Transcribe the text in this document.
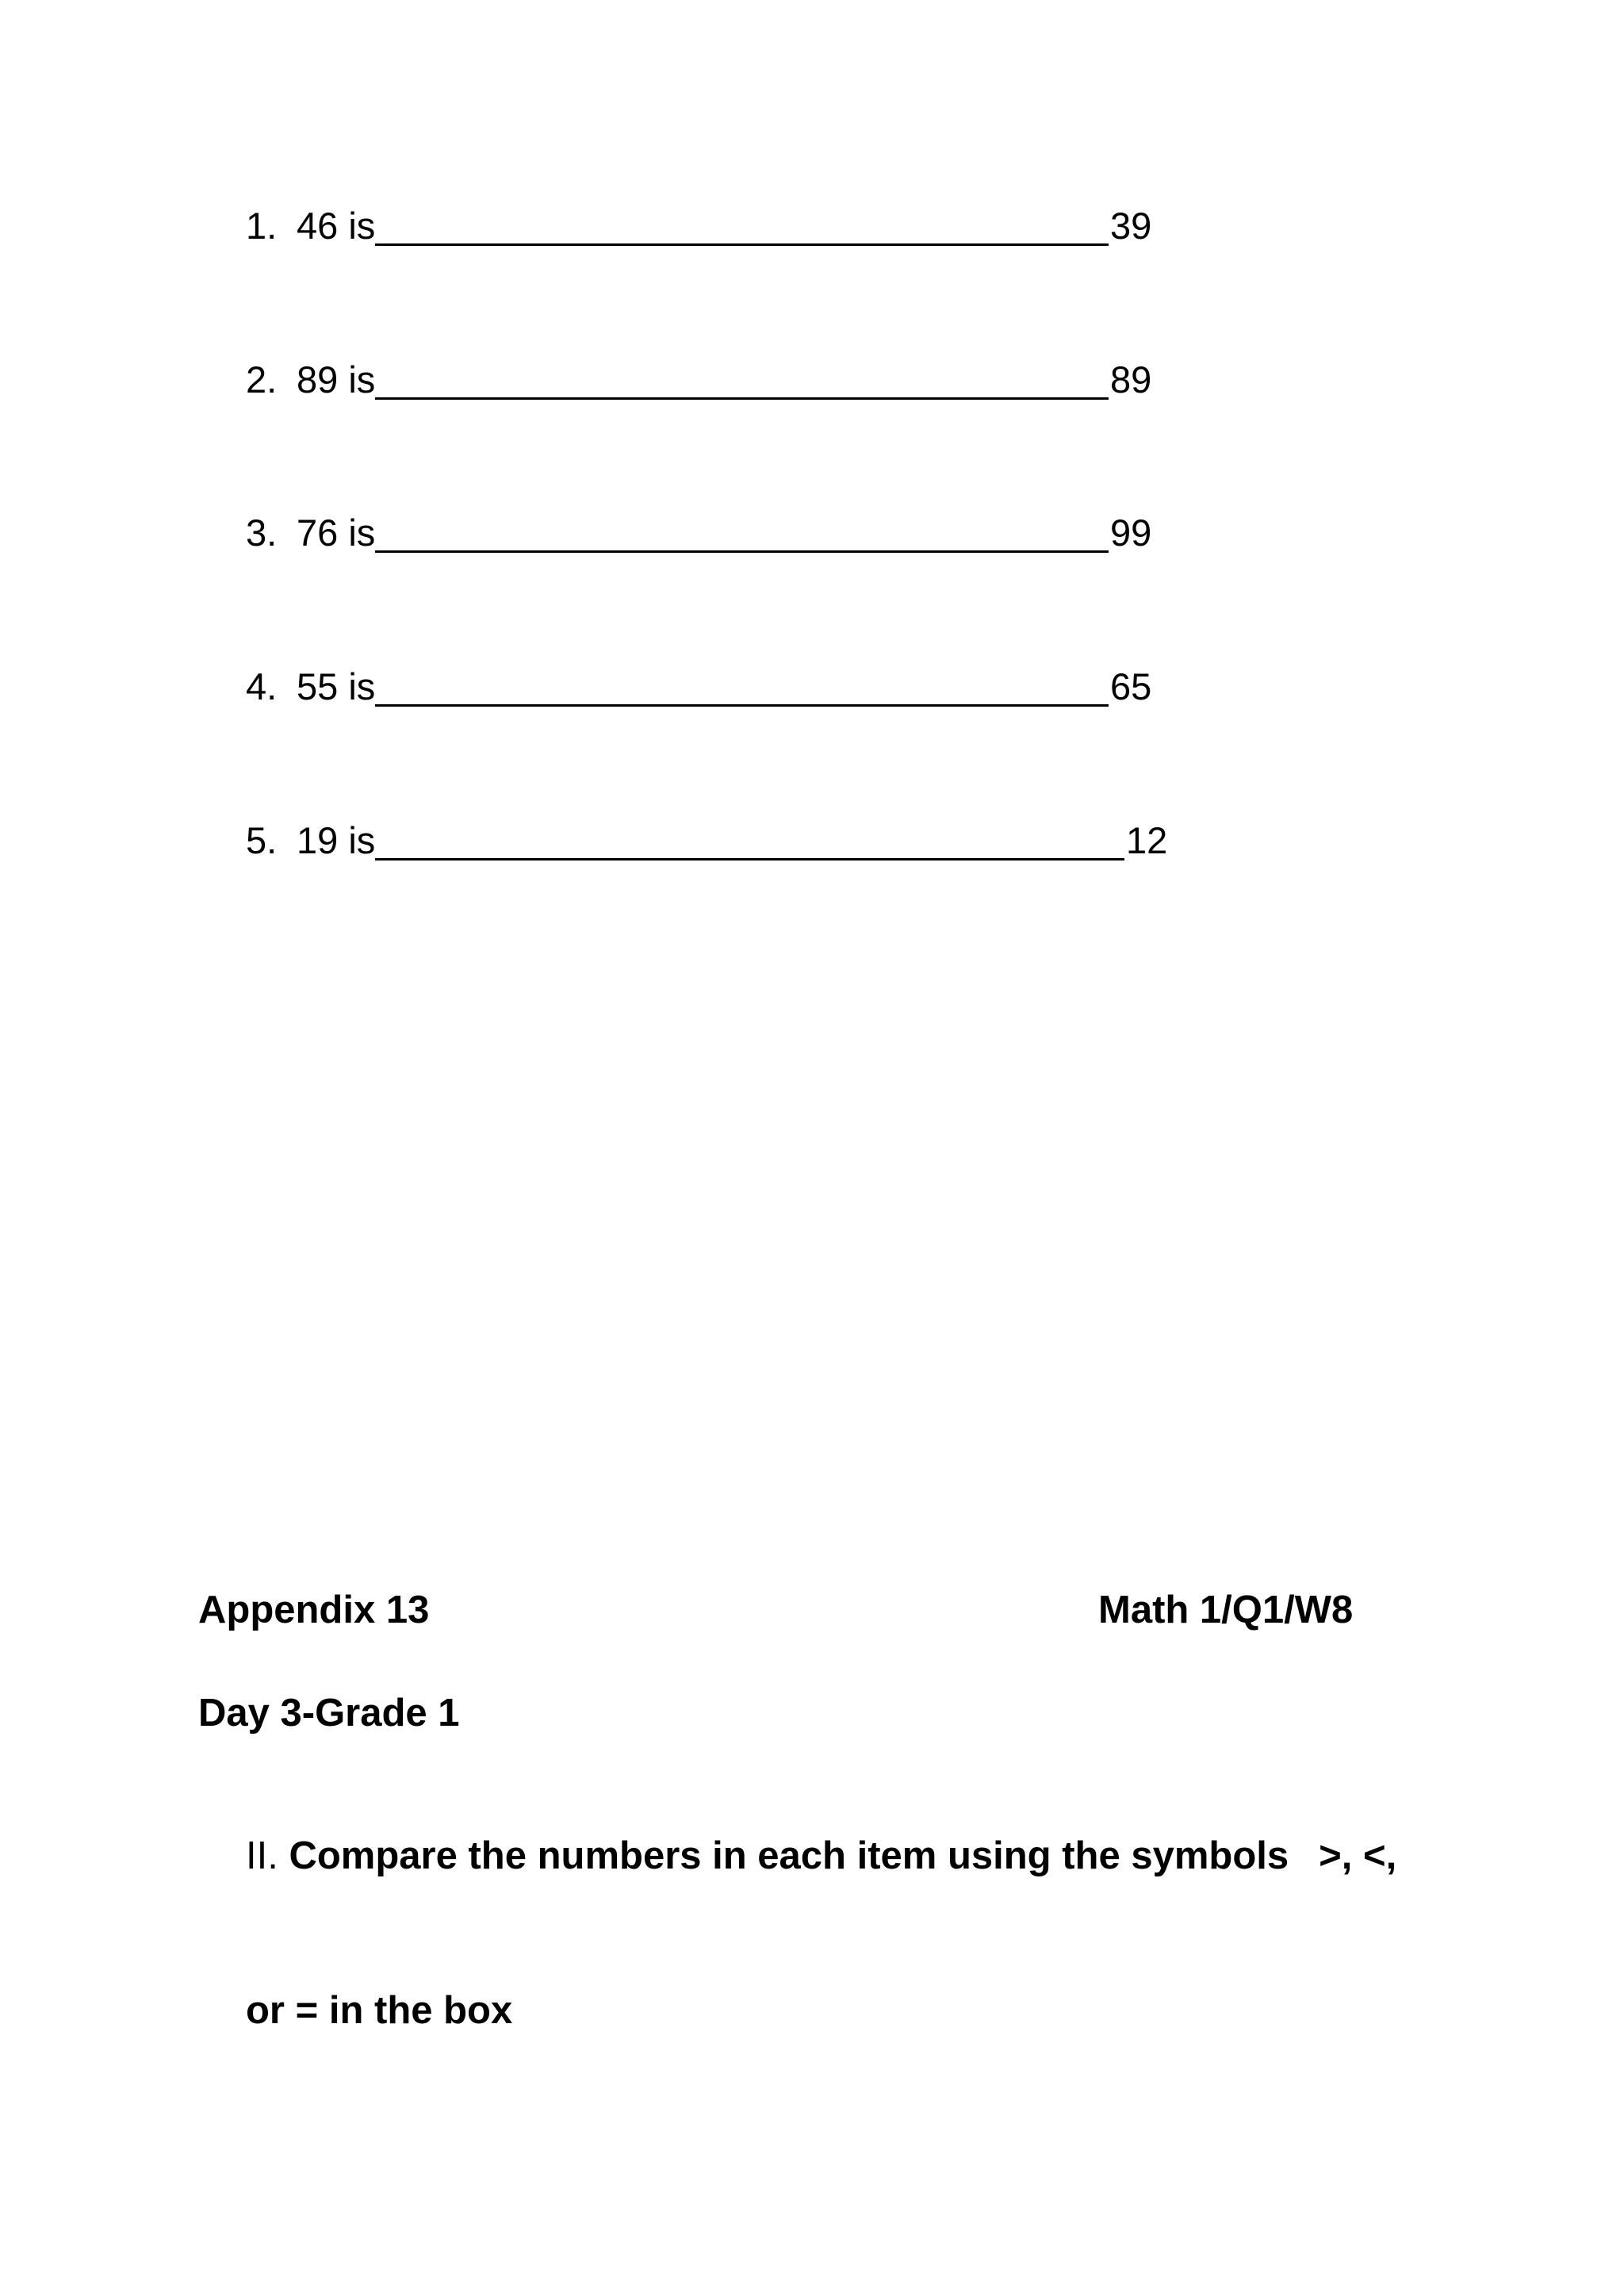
1. 46 is	39
2. 89 is	89
3. 76 is	99
4. 55 is	65
5. 19 is	12
Appendix 13	Math 1/Q1/W8
Day 3-Grade 1
II. Compare the numbers in each item using the symbols >, <,
or = in the box
